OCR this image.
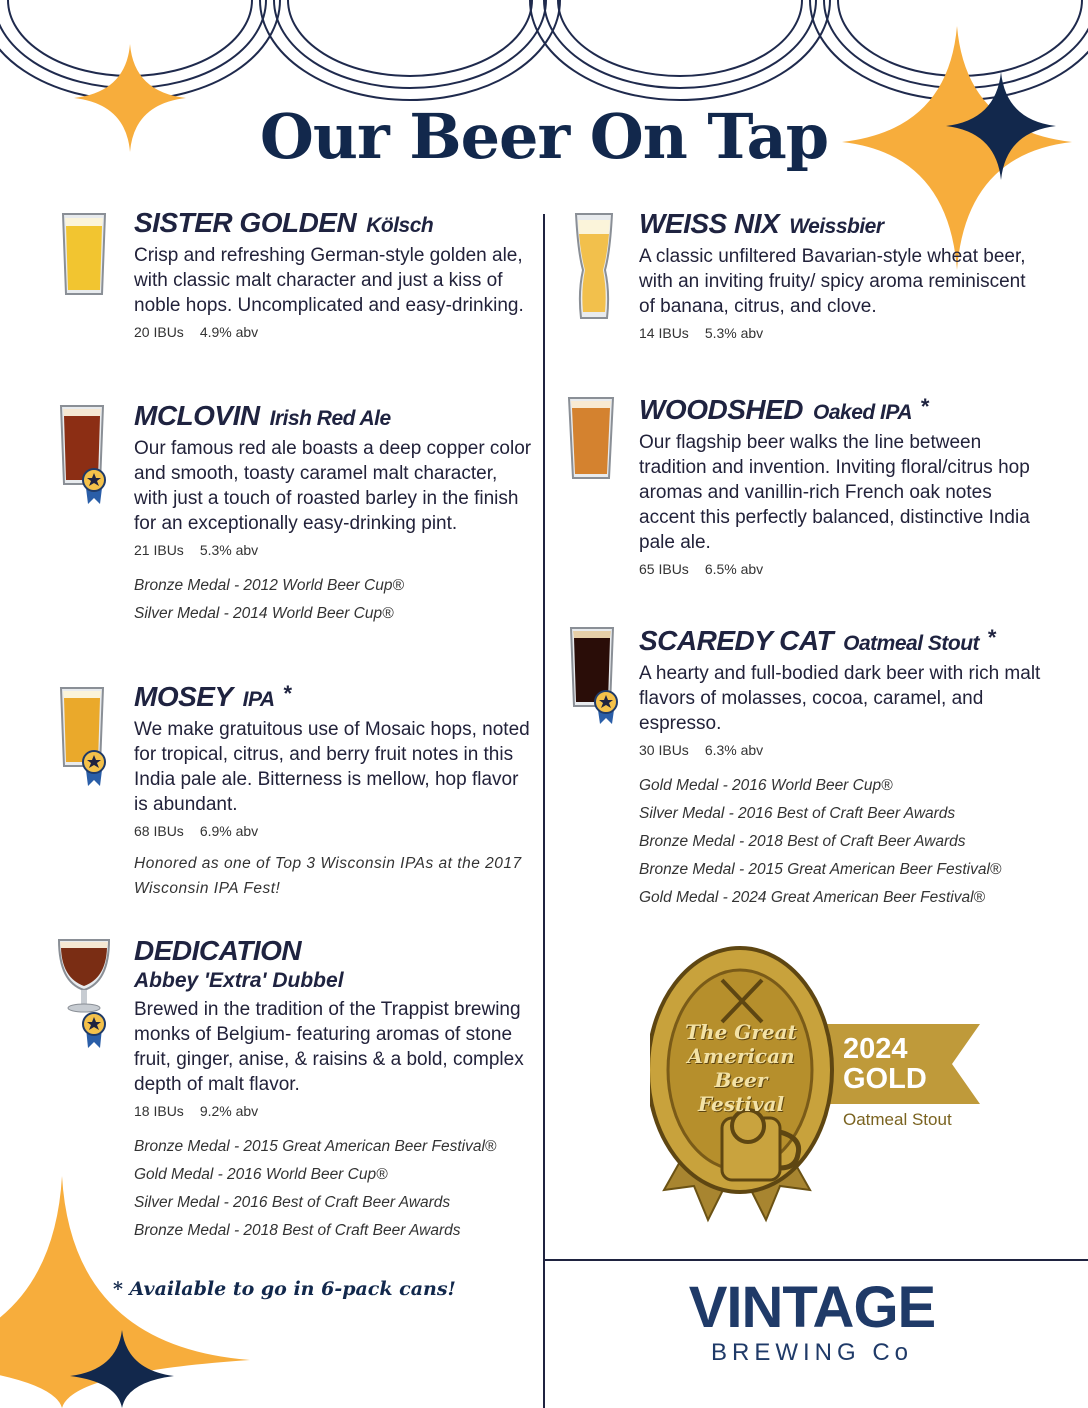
Our Beer On Tap
SISTER GOLDEN Kölsch
Crisp and refreshing German-style golden ale, with classic malt character and just a kiss of noble hops. Uncomplicated and easy-drinking.
20 IBUs 4.9% abv
MCLOVIN Irish Red Ale
Our famous red ale boasts a deep copper color and smooth, toasty caramel malt character, with just a touch of roasted barley in the finish for an exceptionally easy-drinking pint.
21 IBUs 5.3% abv
Bronze Medal - 2012 World Beer Cup®
Silver Medal - 2014 World Beer Cup®
MOSEY IPA *
We make gratuitous use of Mosaic hops, noted for tropical, citrus, and berry fruit notes in this India pale ale. Bitterness is mellow, hop flavor is abundant.
68 IBUs 6.9% abv
Honored as one of Top 3 Wisconsin IPAs at the 2017 Wisconsin IPA Fest!
DEDICATION
Abbey 'Extra' Dubbel
Brewed in the tradition of the Trappist brewing monks of Belgium- featuring aromas of stone fruit, ginger, anise, & raisins & a bold, complex depth of malt flavor.
18 IBUs 9.2% abv
Bronze Medal - 2015 Great American Beer Festival®
Gold Medal - 2016 World Beer Cup®
Silver Medal - 2016 Best of Craft Beer Awards
Bronze Medal - 2018 Best of Craft Beer Awards
WEISS NIX Weissbier
A classic unfiltered Bavarian-style wheat beer, with an inviting fruity/ spicy aroma reminiscent of banana, citrus, and clove.
14 IBUs 5.3% abv
WOODSHED Oaked IPA *
Our flagship beer walks the line between tradition and invention. Inviting floral/citrus hop aromas and vanillin-rich French oak notes accent this perfectly balanced, distinctive India pale ale.
65 IBUs 6.5% abv
SCAREDY CAT Oatmeal Stout *
A hearty and full-bodied dark beer with rich malt flavors of molasses, cocoa, caramel, and espresso.
30 IBUs 6.3% abv
Gold Medal - 2016 World Beer Cup®
Silver Medal - 2016 Best of Craft Beer Awards
Bronze Medal - 2018 Best of Craft Beer Awards
Bronze Medal - 2015 Great American Beer Festival®
Gold Medal - 2024 Great American Beer Festival®
The Great American Beer Festival
2024
GOLD
Oatmeal Stout
* Available to go in 6-pack cans!	VINTAGE
BREWING Co
